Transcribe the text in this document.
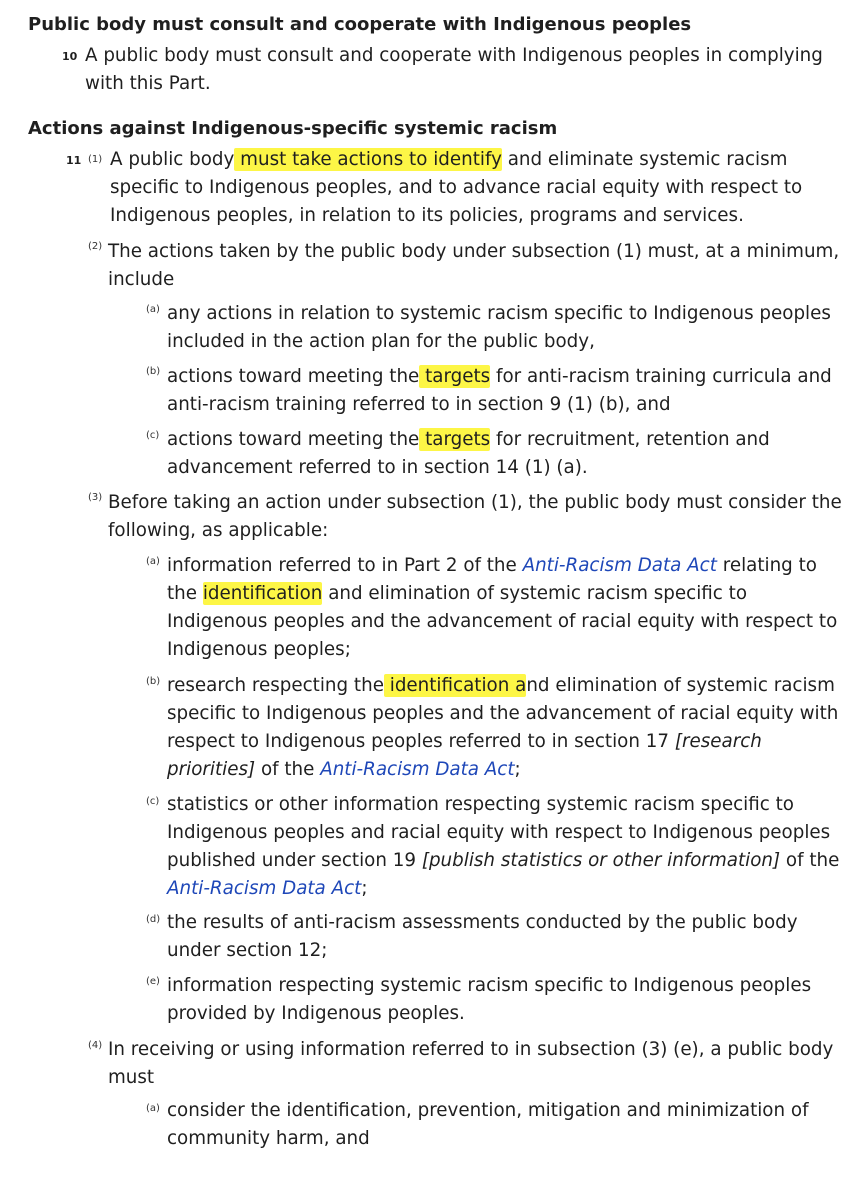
Public body must consult and cooperate with Indigenous peoples
10 A public body must consult and cooperate with Indigenous peoples in complying
with this Part.
Actions against Indigenous-specific systemic racism
11 (1) A public body must take actions to identify and eliminate systemic racism
specific to Indigenous peoples, and to advance racial equity with respect to
Indigenous peoples, in relation to its policies, programs and services.
(2) The actions taken by the public body under subsection (1) must, at a minimum,
include
(a) any actions in relation to systemic racism specific to Indigenous peoples
included in the action plan for the public body,
(b) actions toward meeting the targets for anti-racism training curricula and
anti-racism training referred to in section 9 (1) (b), and
(c) actions toward meeting the targets for recruitment, retention and
advancement referred to in section 14 (1) (a).
(3) Before taking an action under subsection (1), the public body must consider the
following, as applicable:
(a) information referred to in Part 2 of the Anti-Racism Data Act relating to
the identification and elimination of systemic racism specific to
Indigenous peoples and the advancement of racial equity with respect to
Indigenous peoples;
(b) research respecting the identification and elimination of systemic racism
specific to Indigenous peoples and the advancement of racial equity with
respect to Indigenous peoples referred to in section 17 [research
priorities] of the Anti-Racism Data Act;
(c) statistics or other information respecting systemic racism specific to
Indigenous peoples and racial equity with respect to Indigenous peoples
published under section 19 [publish statistics or other information] of the
Anti-Racism Data Act;
(d) the results of anti-racism assessments conducted by the public body
under section 12;
(e) information respecting systemic racism specific to Indigenous peoples
provided by Indigenous peoples.
(4) In receiving or using information referred to in subsection (3) (e), a public body
must
(a) consider the identification, prevention, mitigation and minimization of
community harm, and
